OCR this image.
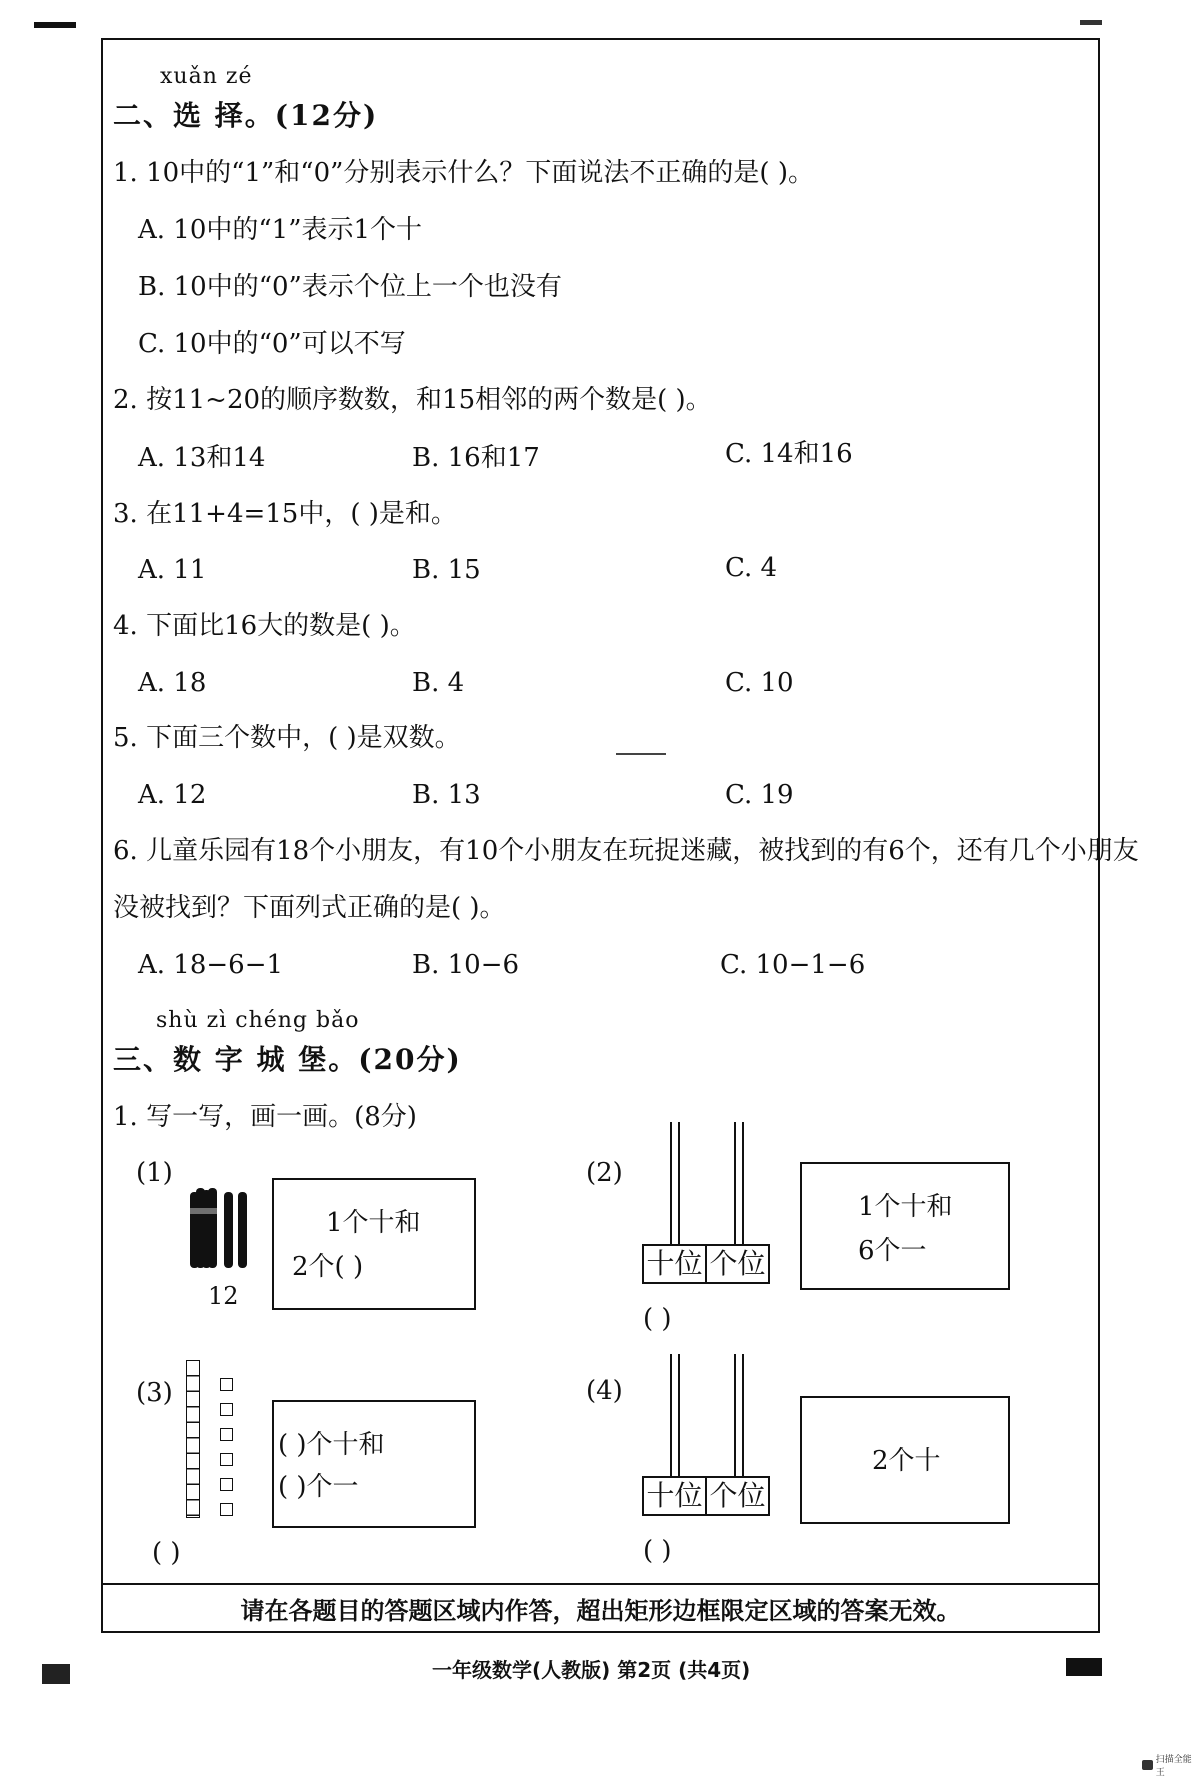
xuǎn zé
二、选 择。(12分)
1. 10中的“1”和“0”分别表示什么？下面说法不正确的是( )。
A. 10中的“1”表示1个十
B. 10中的“0”表示个位上一个也没有
C. 10中的“0”可以不写
2. 按11~20的顺序数数，和15相邻的两个数是( )。
A. 13和14	B. 16和17	C. 14和16
3. 在11+4=15中，( )是和。
A. 11	B. 15	C. 4
4. 下面比16大的数是( )。
A. 18	B. 4	C. 10
5. 下面三个数中，( )是双数。
A. 12	B. 13	C. 19
6. 儿童乐园有18个小朋友，有10个小朋友在玩捉迷藏，被找到的有6个，还有几个小朋友
没被找到？下面列式正确的是( )。
A. 18−6−1	B. 10−6	C. 10−1−6
shù zì chéng bǎo
三、数 字 城 堡。(20分)
1. 写一写，画一画。(8分)
(1)
12
1个十和
2个( )
(2)
十位 个位
( )
1个十和
6个一
(3)
( )个十和
( )个一
( )
(4)
十位 个位
( )
2个十
请在各题目的答题区域内作答，超出矩形边框限定区域的答案无效。
一年级数学(人教版) 第2页 (共4页)
扫描全能王
